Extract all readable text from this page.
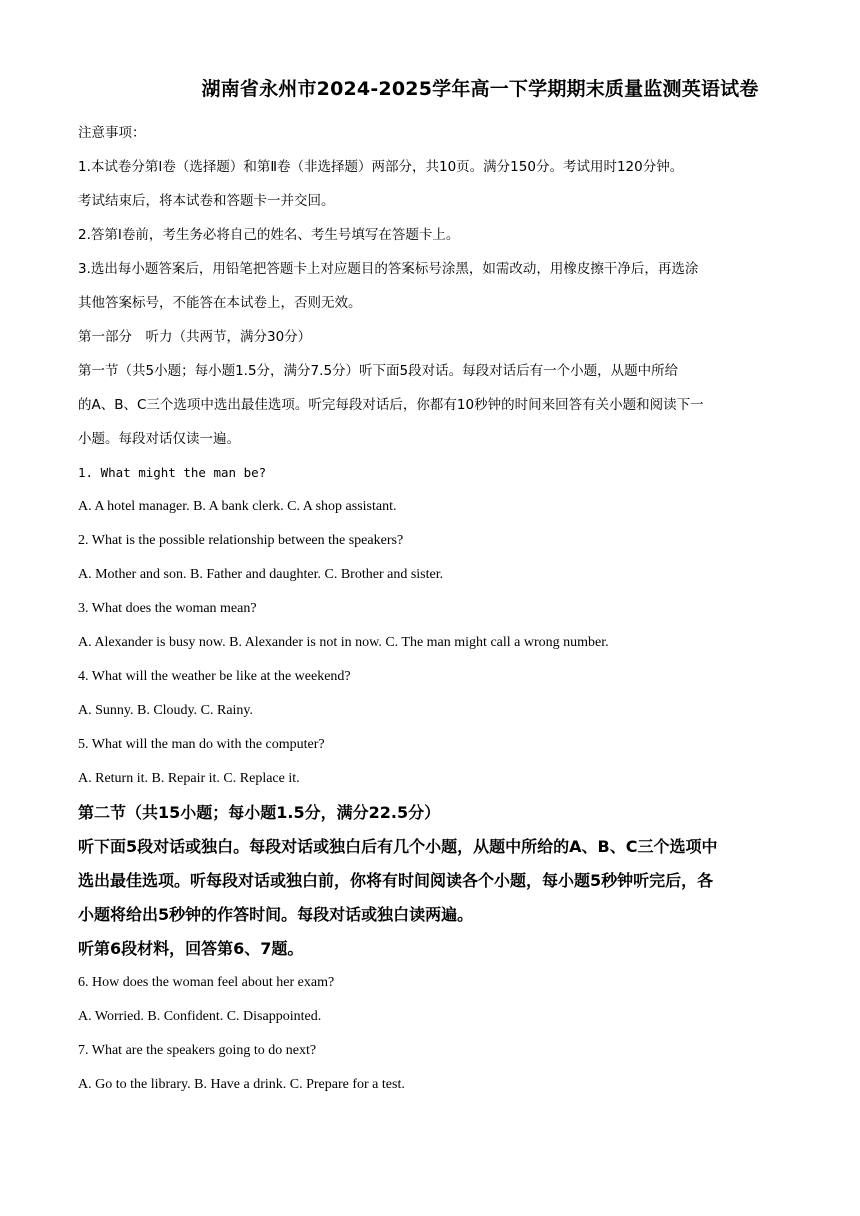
湖南省永州市2024-2025学年高一下学期期末质量监测英语试卷

注意事项：

1.本试卷分第Ⅰ卷（选择题）和第Ⅱ卷（非选择题）两部分，共10页。满分150分。考试用时120分钟。

考试结束后，将本试卷和答题卡一并交回。

2.答第Ⅰ卷前，考生务必将自己的姓名、考生号填写在答题卡上。

3.选出每小题答案后，用铅笔把答题卡上对应题目的答案标号涂黑，如需改动，用橡皮擦干净后，再选涂

其他答案标号，不能答在本试卷上，否则无效。

第一部分　听力（共两节，满分30分）

第一节（共5小题；每小题1.5分，满分7.5分）听下面5段对话。每段对话后有一个小题，从题中所给

的A、B、C三个选项中选出最佳选项。听完每段对话后，你都有10秒钟的时间来回答有关小题和阅读下一

小题。每段对话仅读一遍。

1. What might the man be?

A. A hotel manager. B. A bank clerk. C. A shop assistant.

2. What is the possible relationship between the speakers?

A. Mother and son. B. Father and daughter. C. Brother and sister.

3. What does the woman mean?

A. Alexander is busy now. B. Alexander is not in now. C. The man might call a wrong number.

4. What will the weather be like at the weekend?

A. Sunny. B. Cloudy. C. Rainy.

5. What will the man do with the computer?

A. Return it. B. Repair it. C. Replace it.

第二节（共15小题；每小题1.5分，满分22.5分）

听下面5段对话或独白。每段对话或独白后有几个小题，从题中所给的A、B、C三个选项中

选出最佳选项。听每段对话或独白前，你将有时间阅读各个小题，每小题5秒钟听完后，各

小题将给出5秒钟的作答时间。每段对话或独白读两遍。

听第6段材料，回答第6、7题。

6. How does the woman feel about her exam?

A. Worried. B. Confident. C. Disappointed.

7. What are the speakers going to do next?

A. Go to the library. B. Have a drink. C. Prepare for a test.
